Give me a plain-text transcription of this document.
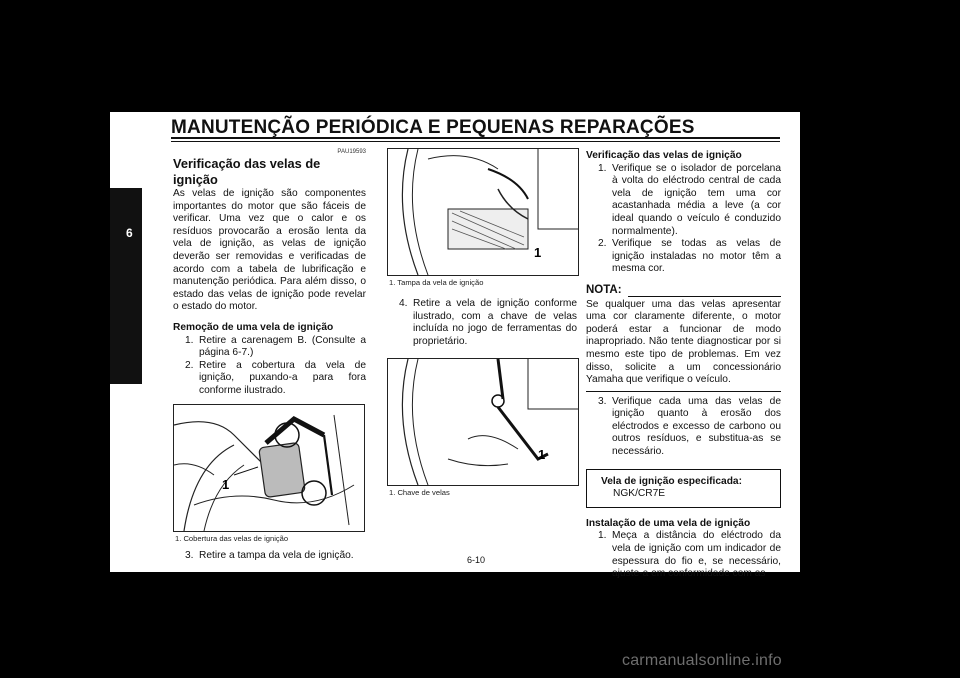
MANUTENÇÃO PERIÓDICA E PEQUENAS REPARAÇÕES
6
PAU19593

Verificação das velas de ignição

As velas de ignição são componentes importantes do motor que são fáceis de verificar. Uma vez que o calor e os resíduos provocarão a erosão lenta da vela de ignição, as velas de ignição deverão ser removidas e verificadas de acordo com a tabela de lubrificação e manutenção periódica. Para além disso, o estado das velas de ignição pode revelar o estado do motor.

Remoção de uma vela de ignição

1. Retire a carenagem B. (Consulte a página 6-7.)

2. Retire a cobertura da vela de ignição, puxando-a para fora conforme ilustrado.

1
1. Cobertura das velas de ignição

3. Retire a tampa da vela de ignição.

1
1. Tampa da vela de ignição

4. Retire a vela de ignição conforme ilustrado, com a chave de velas incluída no jogo de ferramentas do proprietário.

1
1. Chave de velas

Verificação das velas de ignição

1. Verifique se o isolador de porcelana à volta do eléctrodo central de cada vela de ignição tem uma cor acastanhada média a leve (a cor ideal quando o veículo é conduzido normalmente).

2. Verifique se todas as velas de ignição instaladas no motor têm a mesma cor.

NOTA:

Se qualquer uma das velas apresentar uma cor claramente diferente, o motor poderá estar a funcionar de modo inapropriado. Não tente diagnosticar por si mesmo este tipo de problemas. Em vez disso, solicite a um concessionário Yamaha que verifique o veículo.

3. Verifique cada uma das velas de ignição quanto à erosão dos eléctrodos e excesso de carbono ou outros resíduos, e substitua-as se necessário.

Vela de ignição especificada:
NGK/CR7E

Instalação de uma vela de ignição

1. Meça a distância do eléctrodo da vela de ignição com um indicador de espessura do fio e, se necessário, ajuste-a em conformidade com as

6-10
carmanualsonline.info
